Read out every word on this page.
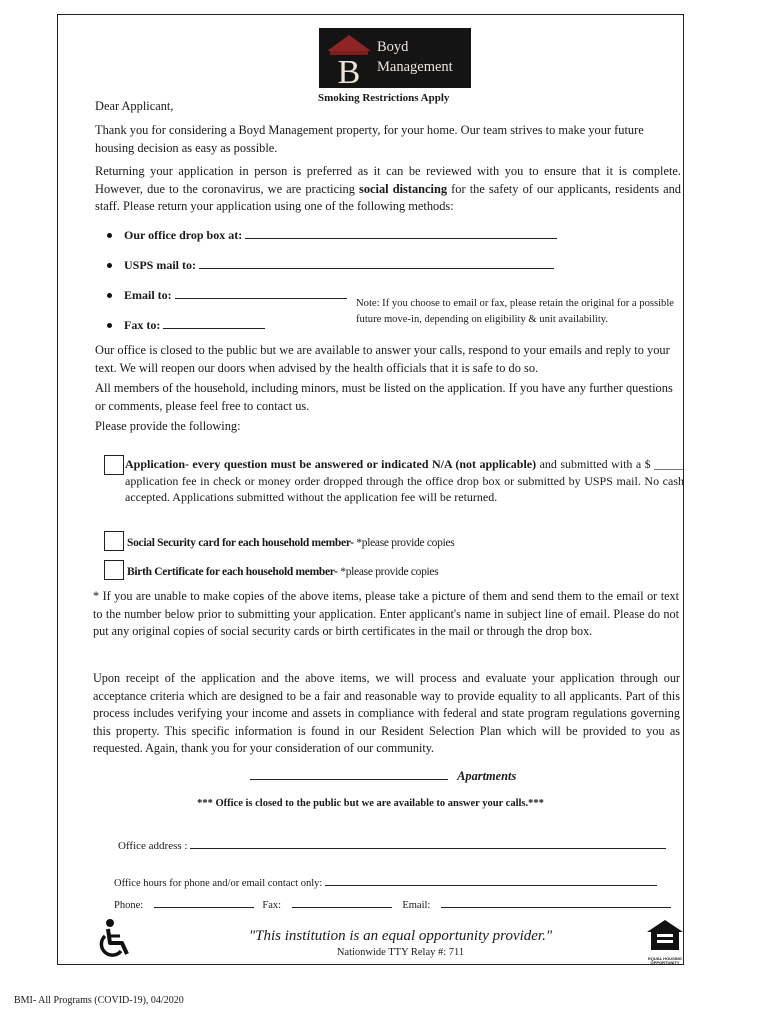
B
Boyd
Management
Smoking Restrictions Apply
Dear Applicant,

Thank you for considering a Boyd Management property, for your home. Our team strives to make your future housing decision as easy as possible.

Returning your application in person is preferred as it can be reviewed with you to ensure that it is complete. However, due to the coronavirus, we are practicing social distancing for the safety of our applicants, residents and staff. Please return your application using one of the following methods:

Our office drop box at:
USPS mail to:
Email to:
Fax to:
Note: If you choose to email or fax, please retain the original for a possible future move-in, depending on eligibility & unit availability.

Our office is closed to the public but we are available to answer your calls, respond to your emails and reply to your text. We will reopen our doors when advised by the health officials that it is safe to do so.

All members of the household, including minors, must be listed on the application. If you have any further questions or comments, please feel free to contact us.

Please provide the following:

Application- every question must be answered or indicated N/A (not applicable) and submitted with a $ _____ application fee in check or money order dropped through the office drop box or submitted by USPS mail. No cash accepted. Applications submitted without the application fee will be returned.

Social Security card for each household member- *please provide copies
Birth Certificate for each household member- *please provide copies

* If you are unable to make copies of the above items, please take a picture of them and send them to the email or text to the number below prior to submitting your application. Enter applicant's name in subject line of email. Please do not put any original copies of social security cards or birth certificates in the mail or through the drop box.

Upon receipt of the application and the above items, we will process and evaluate your application through our acceptance criteria which are designed to be a fair and reasonable way to provide equality to all applicants. Part of this process includes verifying your income and assets in compliance with federal and state program regulations governing this property. This specific information is found in our Resident Selection Plan which will be provided to you as requested. Again, thank you for your consideration of our community.

Apartments
*** Office is closed to the public but we are available to answer your calls.***
Office address :
Office hours for phone and/or email contact only:
Phone:	Fax:	Email:
"This institution is an equal opportunity provider."
Nationwide TTY Relay #: 711
EQUAL HOUSING OPPORTUNITY
BMI- All Programs (COVID-19), 04/2020
